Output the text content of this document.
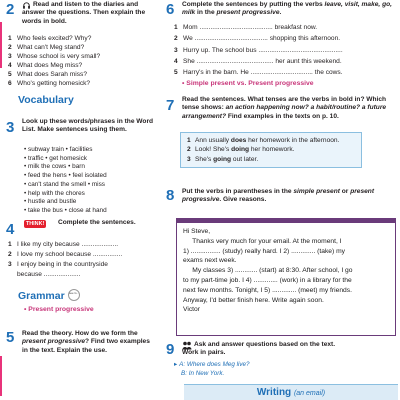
2	Read and listen to the diaries and answer the questions. Then explain the words in bold.
1 Who feels excited? Why?
2 What can't Meg stand?
3 Whose school is very small?
4 What does Meg miss?
5 What does Sarah miss?
6 Who's getting homesick?
Vocabulary
3 Look up these words/phrases in the Word List. Make sentences using them.
• subway train • facilities
• traffic • get homesick
• milk the cows • barn
• feed the hens • feel isolated
• can't stand the smell • miss
• help with the chores
• hustle and bustle
• take the bus • close at hand
4	THINK!	Complete the sentences.
1 I like my city because ....................
2 I love my school because ................
3 I enjoy being in the countryside
because ....................
Grammar	see G...
• Present progressive
5 Read the theory. How do we form the present progressive? Find two examples in the text. Explain the use.
6 Complete the sentences by putting the verbs leave, visit, make, go, milk in the present progressive.
1 Mom ........................................ breakfast now.
2 We ........................................ shopping this afternoon.
3 Hurry up. The school bus ..............................................
4 She .......................................... her aunt this weekend.
5 Harry's in the barn. He .................................. the cows.
• Simple present vs. Present progressive
7 Read the sentences. What tenses are the verbs in bold in? Which tense shows: an action happening now? a habit/routine? a future arrangement? Find examples in the texts on p. 10.
1 Ann usually does her homework in the afternoon.
2 Look! She's doing her homework.
3 She's going out later.
8 Put the verbs in parentheses in the simple present or present progressive. Give reasons.

Hi Steve,

Thanks very much for your email. At the moment, I

1) ................ (study) really hard. I 2) ............. (take) my

exams next week.

My classes 3) ............ (start) at 8:30. After school, I go

to my part-time job. I 4) ............. (work) in a library for the

next few months. Tonight, I 5) ............. (meet) my friends.

Anyway, I'd better finish here. Write again soon.

Victor

9	Ask and answer questions based on the text. Work in pairs.
▸ A: Where does Meg live?
B: In New York.
Writing (an email)
